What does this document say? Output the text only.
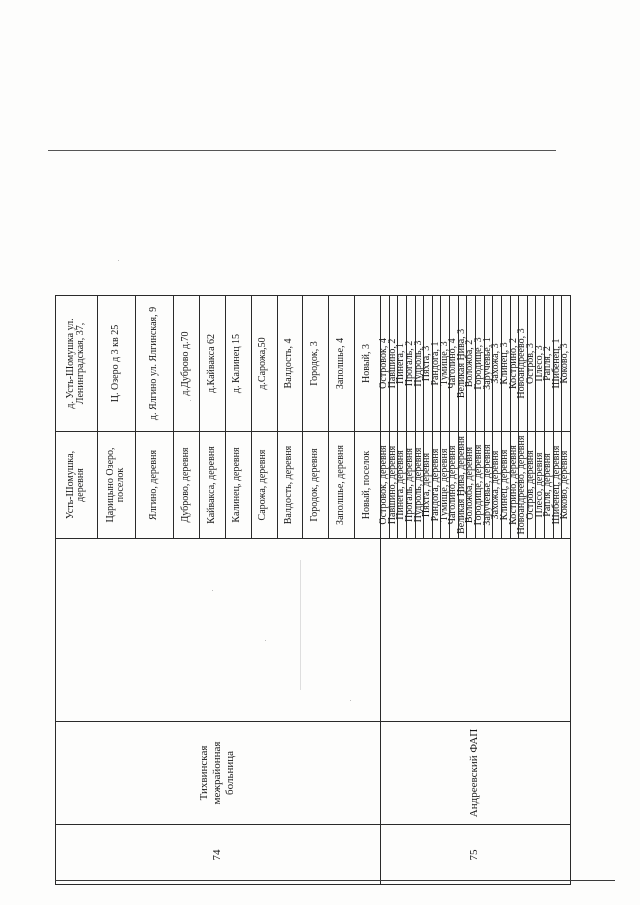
74
Тихвинская межрайонная больница
75
Андреевский ФАП
Усть-Шомушка, деревня
д. Усть-Шомушка ул. Ленинградская, 37,
Царицыно Озеро, поселок
Ц. Озеро д 3 кв 25
Ялгино, деревня
д. Ялгино ул. Ялгинская, 9
Дуброво, деревня
д.Дуброво д.70
Кайвакса, деревня
д.Кайвакса 62
Калинец, деревня
д. Калинец 15
Сарожа, деревня
д.Сарожа,50
Валдость, деревня
Валдость, 4
Городок, деревня
Городок, 3
Заполшье, деревня
Заполшье, 4
Новый, поселок
Новый, 3
Островок, деревня
Островок, 4
Павшино, деревня
Павшино, 2
Пинега, деревня
Пинега, 1
Прогаль, деревня
Прогаль, 2
Пудроль, деревня
Пудроль, 3
Пяхта, деревня
Пяхта, 3
Рандога, деревня
Рандога, 1
Тумище, деревня
Тумище, 3
Чаголино, деревня
Чаголино, 4
Великая Нива, деревня
Великая Нива, 3
Воложба, деревня
Воложба, 2
Городище, деревня
Городище, 3
Заручевье, деревня
Заручевье, 1
Захожа, деревня
Захожа, 3
Клинец, деревня
Клинец, 3
Кострино, деревня
Кострино, 2
Новоандреево, деревня
Новоандреево, 3
Остров, деревня
Остров, 3
Плесо, деревня
Плесо, 3
Рапля, деревня
Рапля, 2
Шибенец, деревня
Шибенец, 1
Коково, деревня
Коково, 3
